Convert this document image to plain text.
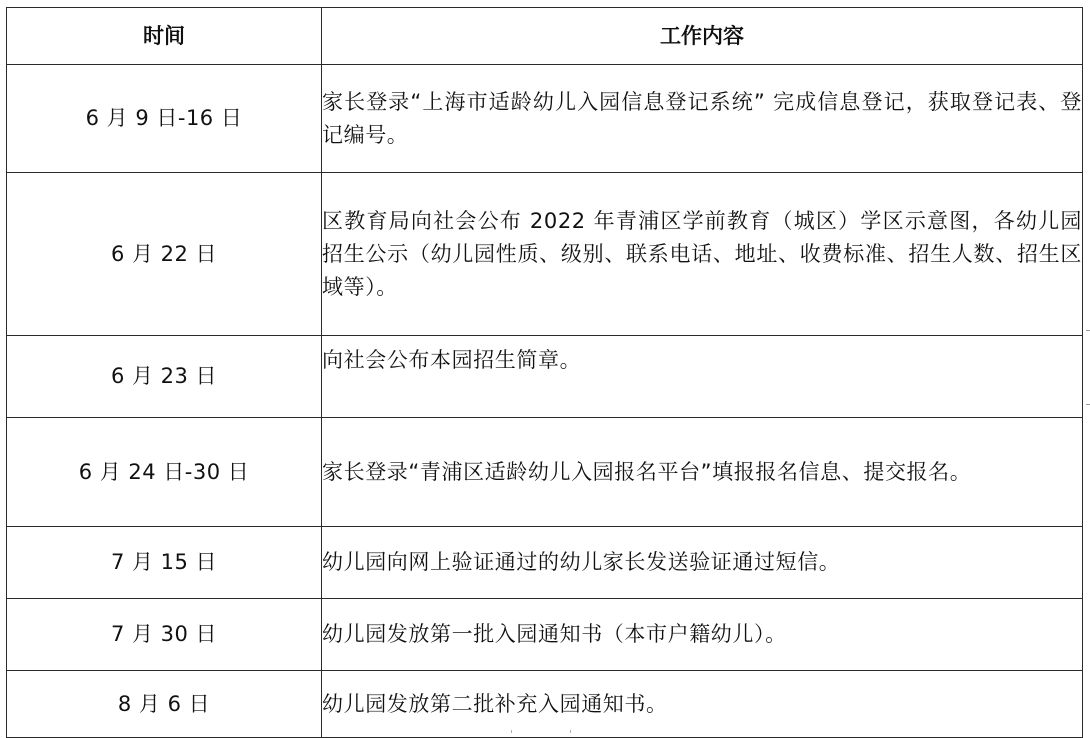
时间	工作内容
6 月 9 日-16 日	家长登录“上海市适龄幼儿入园信息登记系统” 完成信息登记，获取登记表、登记编号。
6 月 22 日	区教育局向社会公布 2022 年青浦区学前教育（城区）学区示意图，各幼儿园招生公示（幼儿园性质、级别、联系电话、地址、收费标准、招生人数、招生区域等）。
6 月 23 日	向社会公布本园招生简章。
6 月 24 日-30 日	家长登录“青浦区适龄幼儿入园报名平台”填报报名信息、提交报名。
7 月 15 日	幼儿园向网上验证通过的幼儿家长发送验证通过短信。
7 月 30 日	幼儿园发放第一批入园通知书（本市户籍幼儿）。
8 月 6 日	幼儿园发放第二批补充入园通知书。
